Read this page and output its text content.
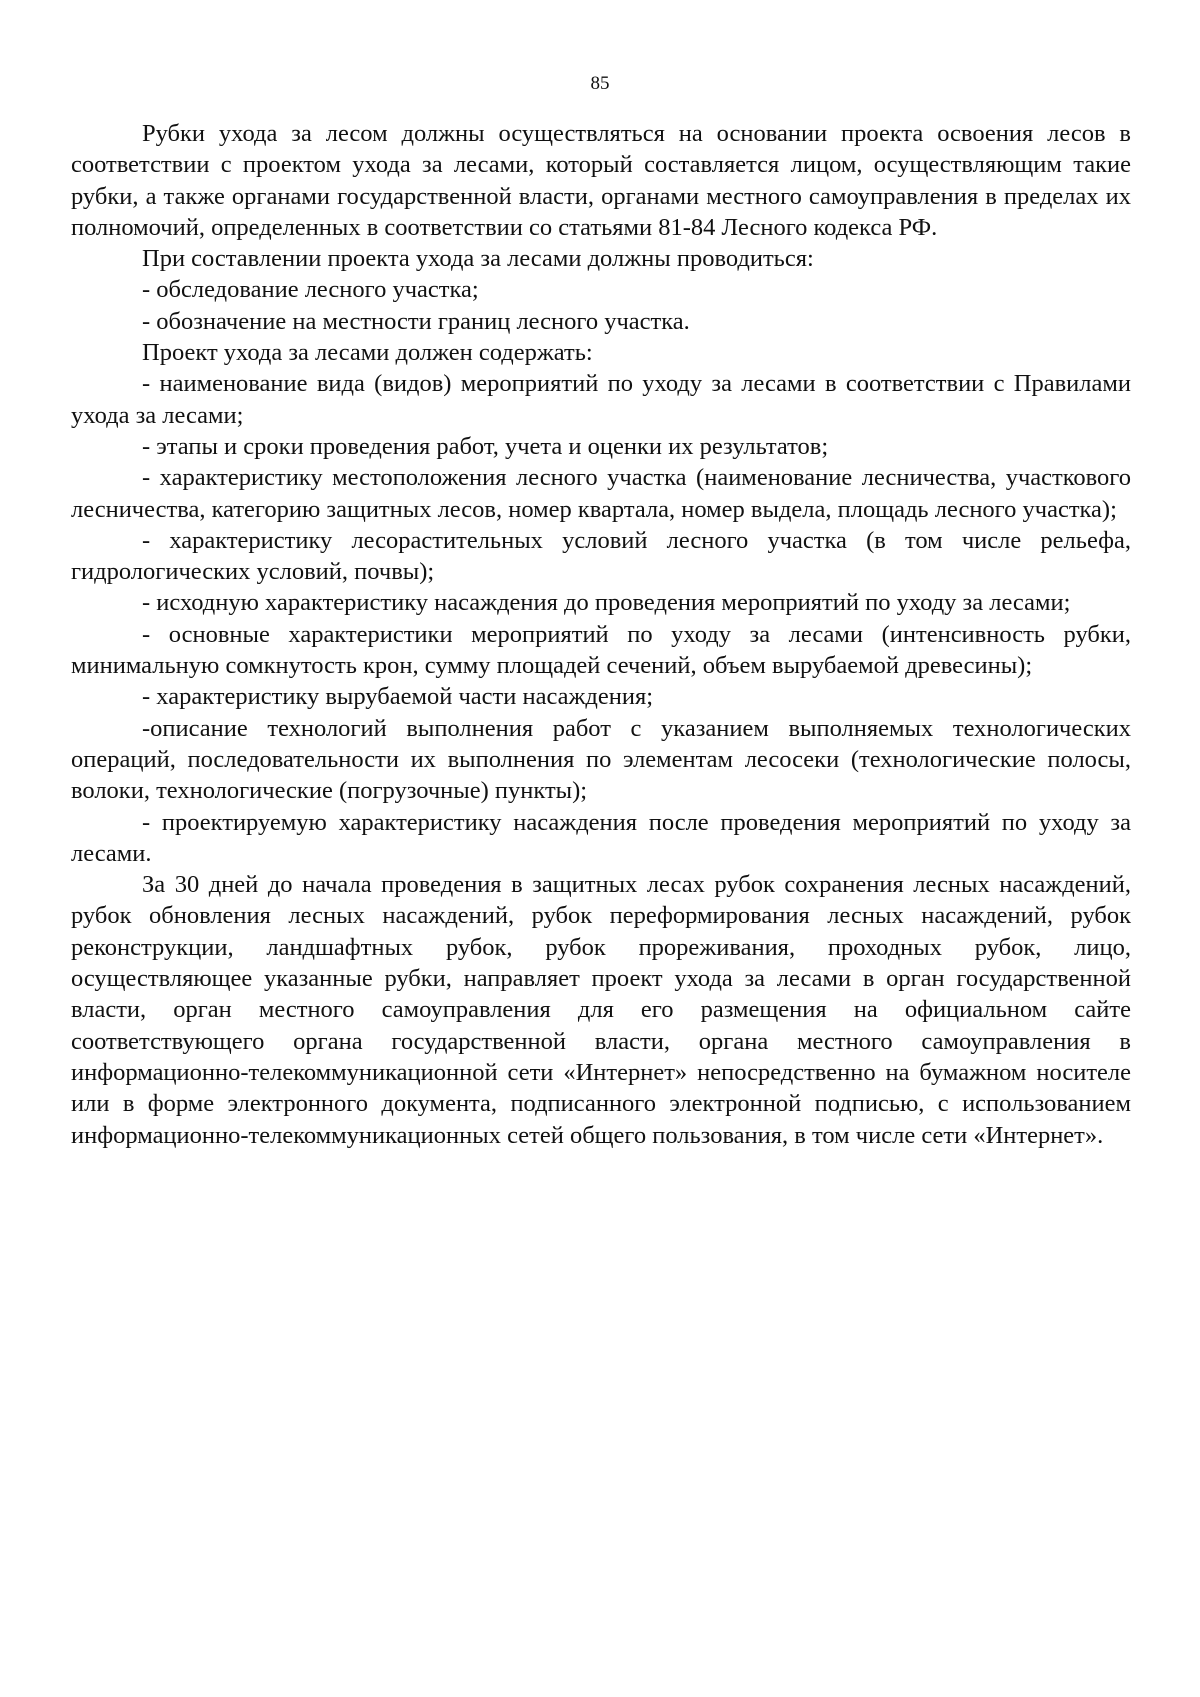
85

Рубки ухода за лесом должны осуществляться на основании проекта освоения лесов в соответствии с проектом ухода за лесами, который составляется лицом, осуществляющим такие рубки, а также органами государственной власти, органами местного самоуправления в пределах их полномочий, определенных в соответствии со статьями 81-84 Лесного кодекса РФ.

При составлении проекта ухода за лесами должны проводиться:

- обследование лесного участка;

- обозначение на местности границ лесного участка.

Проект ухода за лесами должен содержать:

- наименование вида (видов) мероприятий по уходу за лесами в соответствии с Правилами ухода за лесами;

- этапы и сроки проведения работ, учета и оценки их результатов;

- характеристику местоположения лесного участка (наименование лесничества, участкового лесничества, категорию защитных лесов, номер квартала, номер выдела, площадь лесного участка);

- характеристику лесорастительных условий лесного участка (в том числе рельефа, гидрологических условий, почвы);

- исходную характеристику насаждения до проведения мероприятий по уходу за лесами;

- основные характеристики мероприятий по уходу за лесами (интенсивность рубки, минимальную сомкнутость крон, сумму площадей сечений, объем вырубаемой древесины);

- характеристику вырубаемой части насаждения;

-описание технологий выполнения работ с указанием выполняемых технологических операций, последовательности их выполнения по элементам лесосеки (технологические полосы, волоки, технологические (погрузочные) пункты);

- проектируемую характеристику насаждения после проведения мероприятий по уходу за лесами.

За 30 дней до начала проведения в защитных лесах рубок сохранения лесных насаждений, рубок обновления лесных насаждений, рубок переформирования лесных насаждений, рубок реконструкции, ландшафтных рубок, рубок прореживания, проходных рубок, лицо, осуществляющее указанные рубки, направляет проект ухода за лесами в орган государственной власти, орган местного самоуправления для его размещения на официальном сайте соответствующего органа государственной власти, органа местного самоуправления в информационно-телекоммуникационной сети «Интернет» непосредственно на бумажном носителе или в форме электронного документа, подписанного электронной подписью, с использованием информационно-телекоммуникационных сетей общего пользования, в том числе сети «Интернет».
